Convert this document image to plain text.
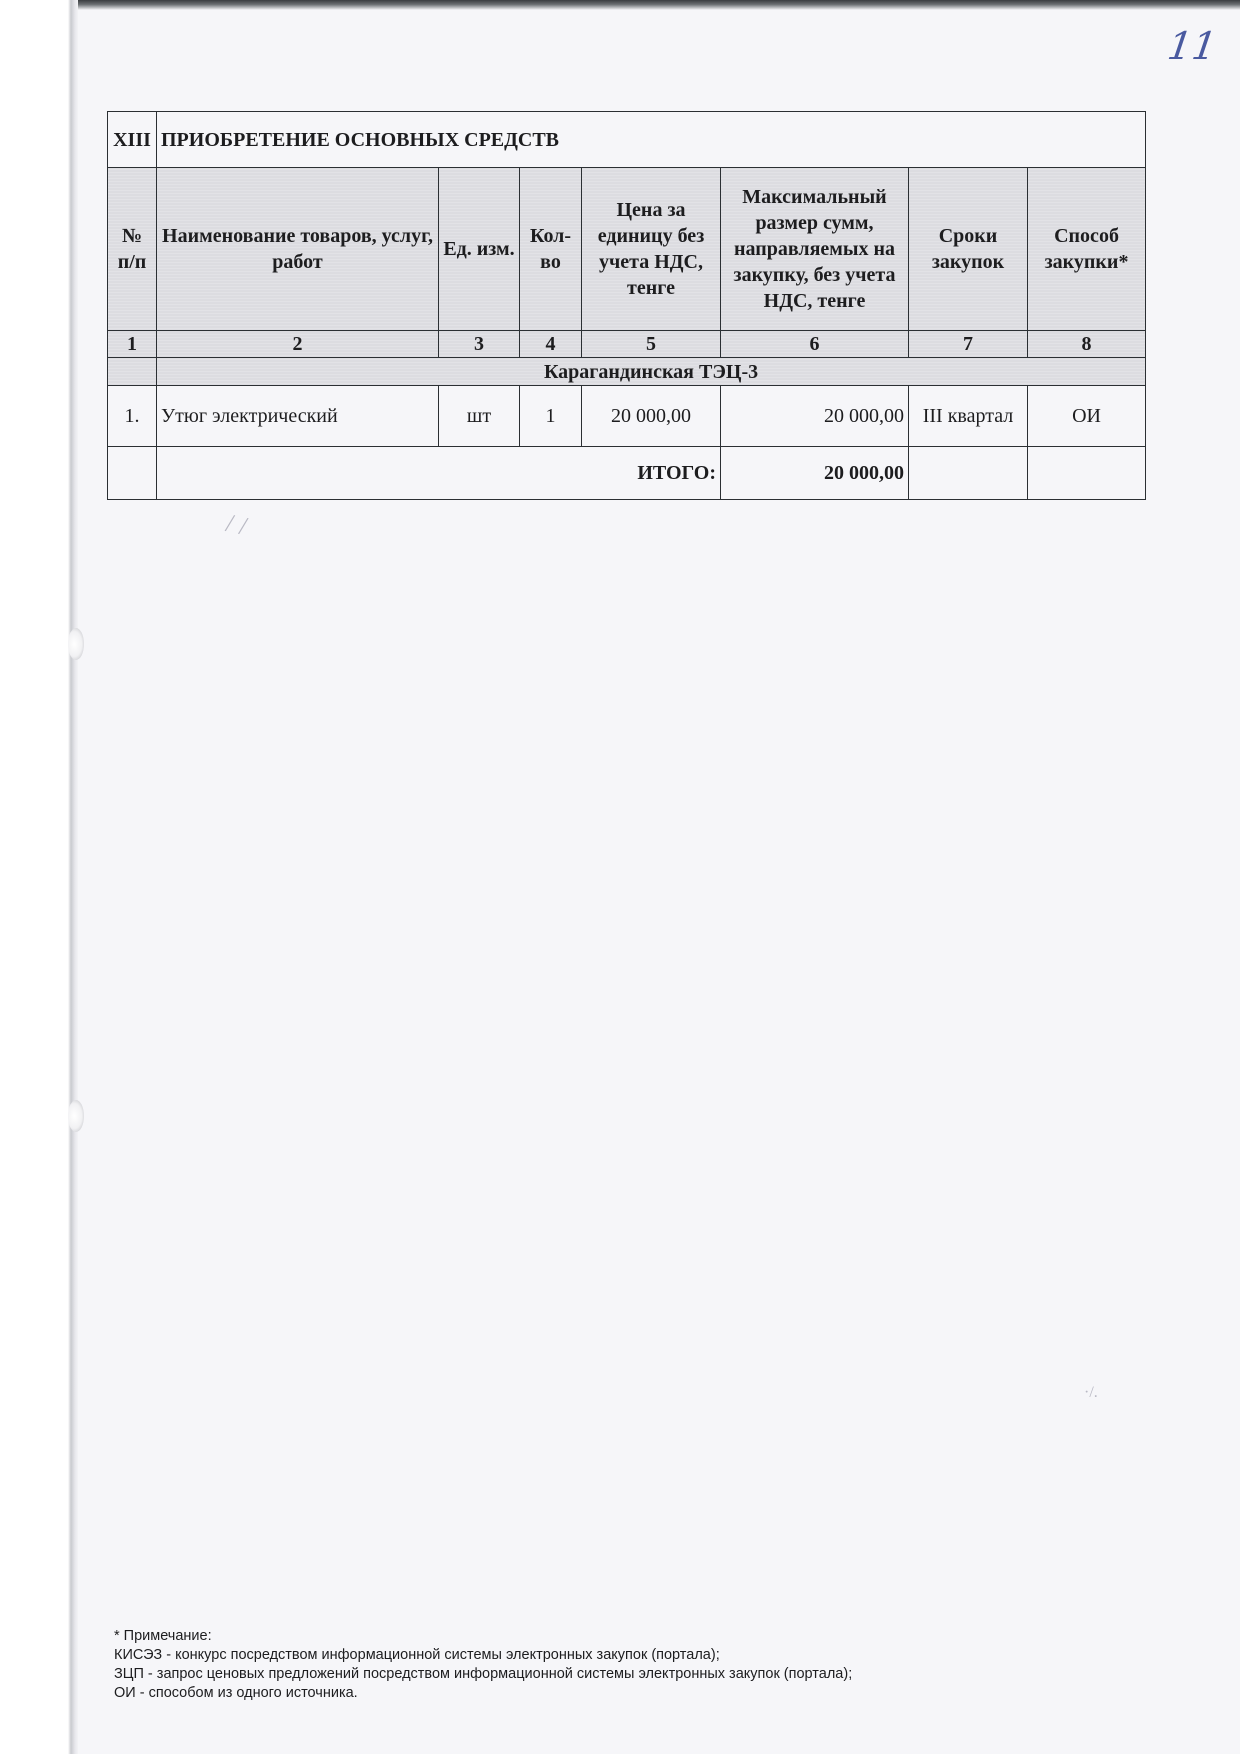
11
/ /
·/.
XIII	ПРИОБРЕТЕНИЕ ОСНОВНЫХ СРЕДСТВ						
№ п/п	Наименование товаров, услуг, работ	Ед. изм.	Кол-во	Цена за единицу без учета НДС, тенге	Максимальный размер сумм, направляемых на закупку, без учета НДС, тенге	Сроки закупок	Способ закупки*
1	2	3	4	5	6	7	8
	Карагандинская ТЭЦ-3						
1.	Утюг электрический	шт	1	20 000,00	20 000,00	III квартал	ОИ
	ИТОГО:				20 000,00		
* Примечание:
КИСЭЗ - конкурс посредством информационной системы электронных закупок (портала);
ЗЦП - запрос ценовых предложений посредством информационной системы электронных закупок (портала);
ОИ - способом из одного источника.
